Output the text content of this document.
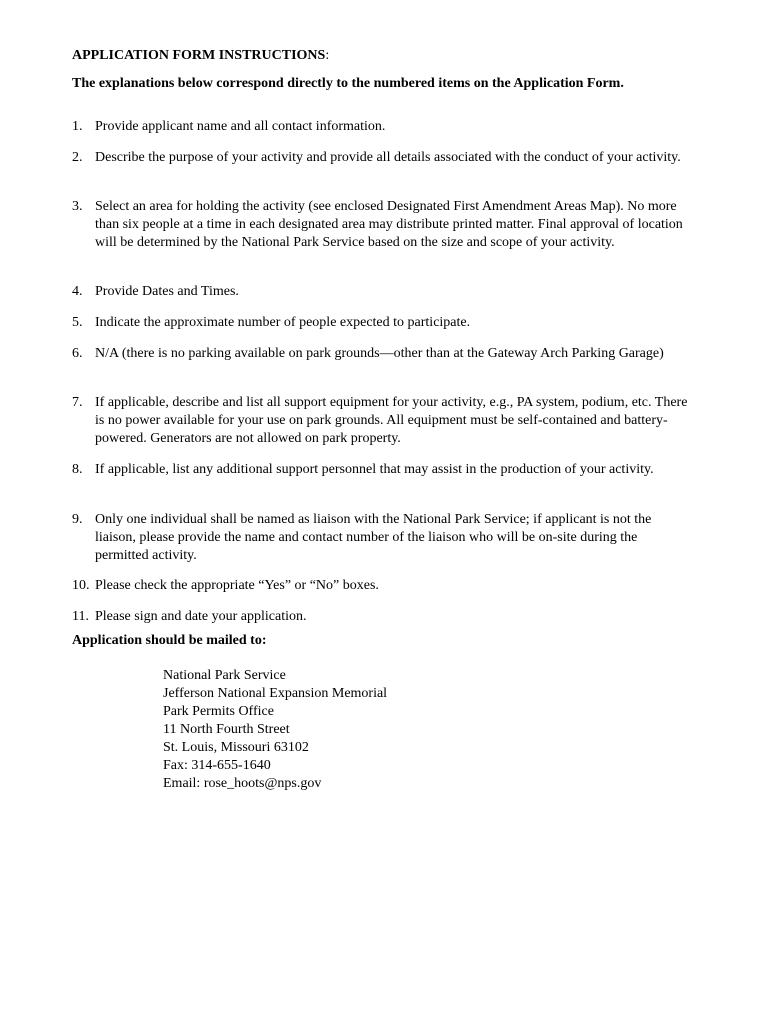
APPLICATION FORM INSTRUCTIONS:
The explanations below correspond directly to the numbered items on the Application Form.
1. Provide applicant name and all contact information.
2. Describe the purpose of your activity and provide all details associated with the conduct of your activity.
3. Select an area for holding the activity (see enclosed Designated First Amendment Areas Map). No more than six people at a time in each designated area may distribute printed matter. Final approval of location will be determined by the National Park Service based on the size and scope of your activity.
4. Provide Dates and Times.
5. Indicate the approximate number of people expected to participate.
6. N/A (there is no parking available on park grounds—other than at the Gateway Arch Parking Garage)
7. If applicable, describe and list all support equipment for your activity, e.g., PA system, podium, etc. There is no power available for your use on park grounds. All equipment must be self-contained and battery-powered. Generators are not allowed on park property.
8. If applicable, list any additional support personnel that may assist in the production of your activity.
9. Only one individual shall be named as liaison with the National Park Service; if applicant is not the liaison, please provide the name and contact number of the liaison who will be on-site during the permitted activity.
10. Please check the appropriate “Yes” or “No” boxes.
11. Please sign and date your application.
Application should be mailed to:
National Park Service
Jefferson National Expansion Memorial
Park Permits Office
11 North Fourth Street
St. Louis, Missouri 63102
Fax: 314-655-1640
Email: rose_hoots@nps.gov
